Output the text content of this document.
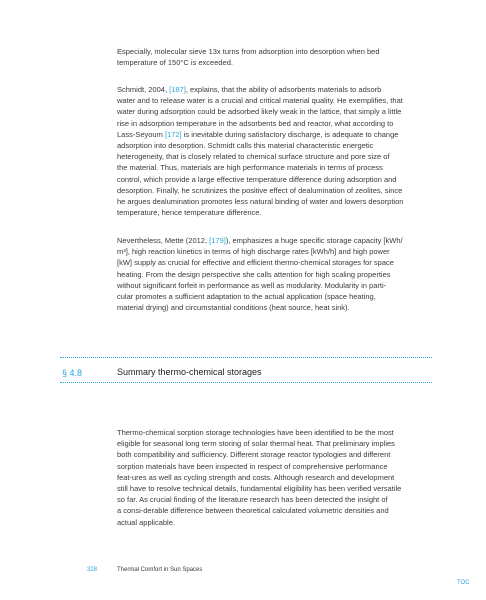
Especially, molecular sieve 13x turns from adsorption into desorption when bed
temperature of 150°C is exceeded.

Schmidt, 2004, [187], explains, that the ability of adsorbents materials to adsorb
water and to release water is a crucial and critical material quality. He exemplifies, that
water during adsorption could be adsorbed likely weak in the lattice, that simply a little
rise in adsorption temperature in the adsorbents bed and reactor, what according to
Lass-Seyoum [172] is inevitable during satisfactory discharge, is adequate to change
adsorption into desorption. Schmidt calls this material characteristic energetic
heterogeneity, that is closely related to chemical surface structure and pore size of
the material. Thus, materials are high performance materials in terms of process
control, which provide a large effective temperature difference during adsorption and
desorption. Finally, he scrutinizes the positive effect of dealumination of zeolites, since
he argues dealumination promotes less natural binding of water and lowers desorption
temperature, hence temperature difference.

Nevertheless, Mette (2012, [179]), emphasizes a huge specific storage capacity [kWh/
m³], high reaction kinetics in terms of high discharge rates [kWh/h] and high power
[kW] supply as crucial for effective and efficient thermo-chemical storages for space
heating. From the design perspective she calls attention for high scaling properties
without significant forfeit in performance as well as modularity. Modularity in parti-
cular promotes a sufficient adaptation to the actual application (space heating,
material drying) and circumstantial conditions (heat source, heat sink).

§ 4.8	Summary thermo-chemical storages

Thermo-chemical sorption storage technologies have been identified to be the most
eligible for seasonal long term storing of solar thermal heat. That preliminary implies
both compatibility and sufficiency. Different storage reactor typologies and different
sorption materials have been inspected in respect of comprehensive performance
feat-ures as well as cycling strength and costs. Although research and development
still have to resolve technical details, fundamental eligibility has been verified versatile
so far. As crucial finding of the literature research has been detected the insight of
a consi-derable difference between theoretical calculated volumetric densities and
actual applicable.

328	Thermal Comfort in Sun Spaces
TOC
